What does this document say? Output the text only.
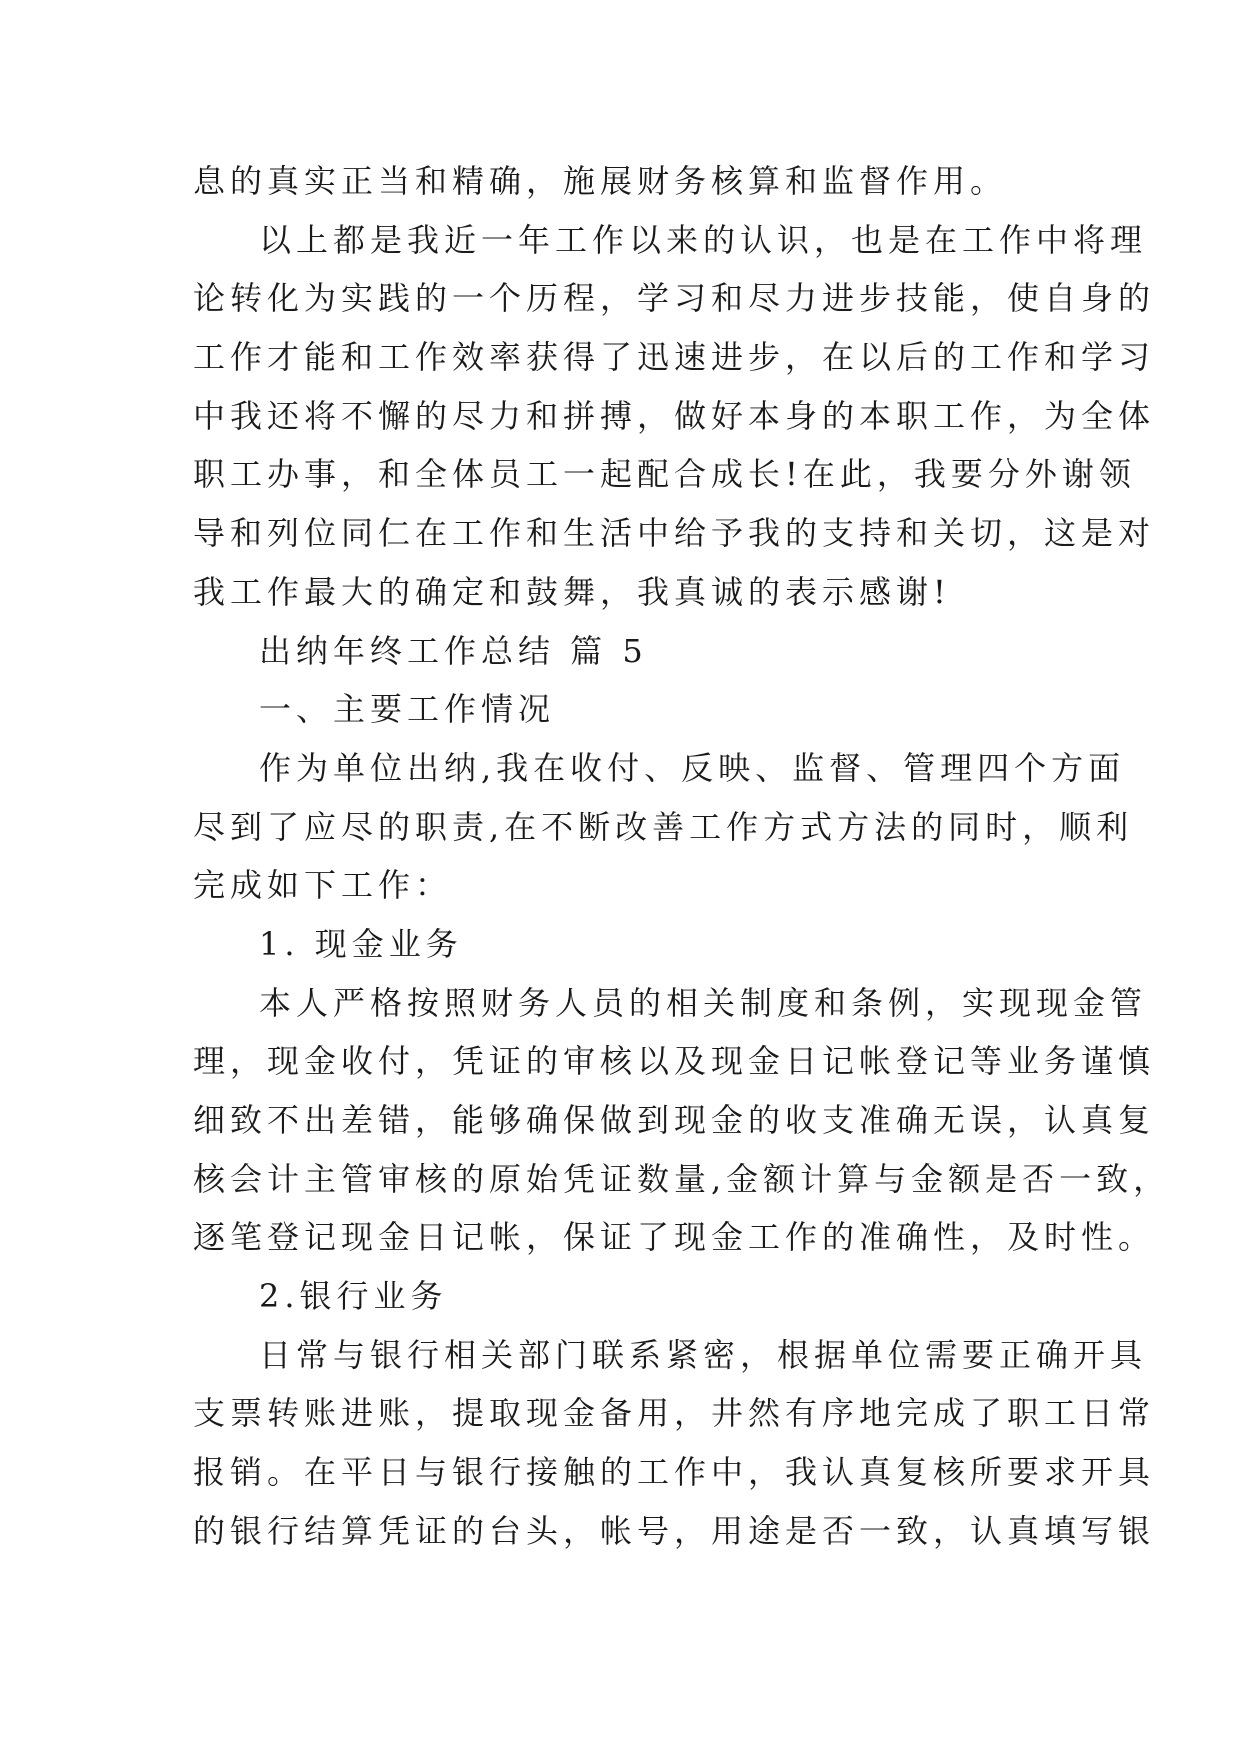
息的真实正当和精确，施展财务核算和监督作用。
以上都是我近一年工作以来的认识，也是在工作中将理
论转化为实践的一个历程，学习和尽力进步技能，使自身的
工作才能和工作效率获得了迅速进步，在以后的工作和学习
中我还将不懈的尽力和拼搏，做好本身的本职工作，为全体
职工办事，和全体员工一起配合成长!在此，我要分外谢领
导和列位同仁在工作和生活中给予我的支持和关切，这是对
我工作最大的确定和鼓舞，我真诚的表示感谢!
出纳年终工作总结 篇 5
一、主要工作情况
作为单位出纳,我在收付、反映、监督、管理四个方面
尽到了应尽的职责,在不断改善工作方式方法的同时，顺利
完成如下工作：
1. 现金业务
本人严格按照财务人员的相关制度和条例，实现现金管
理，现金收付，凭证的审核以及现金日记帐登记等业务谨慎
细致不出差错，能够确保做到现金的收支准确无误，认真复
核会计主管审核的原始凭证数量,金额计算与金额是否一致，
逐笔登记现金日记帐，保证了现金工作的准确性，及时性。
2.银行业务
日常与银行相关部门联系紧密，根据单位需要正确开具
支票转账进账，提取现金备用，井然有序地完成了职工日常
报销。在平日与银行接触的工作中，我认真复核所要求开具
的银行结算凭证的台头，帐号，用途是否一致，认真填写银
